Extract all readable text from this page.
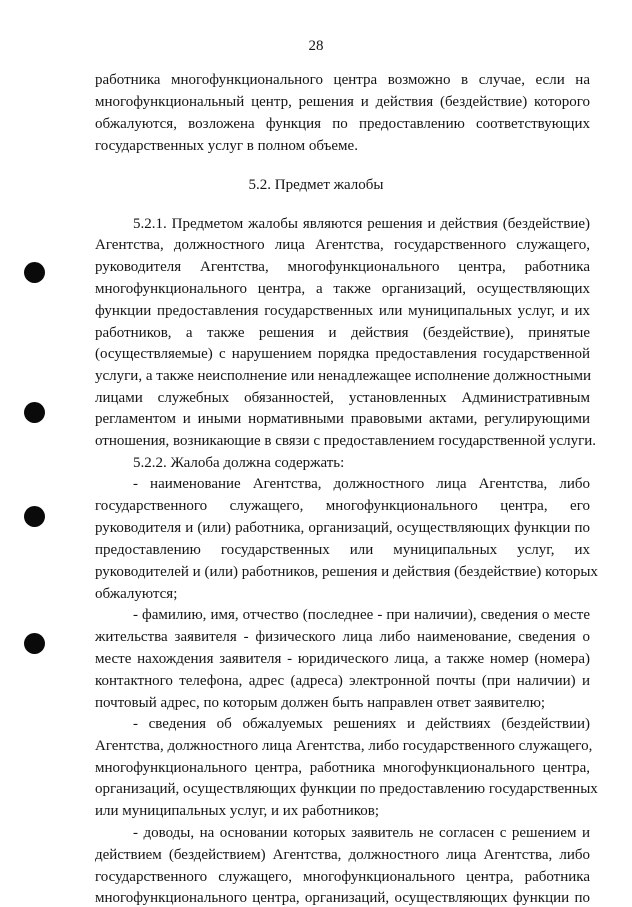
28
работника многофункционального центра возможно в случае, если на
многофункциональный центр, решения и действия (бездействие) которого
обжалуются, возложена функция по предоставлению соответствующих
государственных услуг в полном объеме.
5.2. Предмет жалобы
5.2.1. Предметом жалобы являются решения и действия (бездействие)
Агентства, должностного лица Агентства, государственного служащего,
руководителя Агентства, многофункционального центра, работника
многофункционального центра, а также организаций, осуществляющих
функции предоставления государственных или муниципальных услуг, и их
работников, а также решения и действия (бездействие), принятые
(осуществляемые) с нарушением порядка предоставления государственной
услуги, а также неисполнение или ненадлежащее исполнение должностными
лицами служебных обязанностей, установленных Административным
регламентом и иными нормативными правовыми актами, регулирующими
отношения, возникающие в связи с предоставлением государственной услуги.
5.2.2. Жалоба должна содержать:
- наименование Агентства, должностного лица Агентства, либо
государственного служащего, многофункционального центра, его
руководителя и (или) работника, организаций, осуществляющих функции по
предоставлению государственных или муниципальных услуг, их
руководителей и (или) работников, решения и действия (бездействие) которых
обжалуются;
- фамилию, имя, отчество (последнее - при наличии), сведения о месте
жительства заявителя - физического лица либо наименование, сведения о
месте нахождения заявителя - юридического лица, а также номер (номера)
контактного телефона, адрес (адреса) электронной почты (при наличии) и
почтовый адрес, по которым должен быть направлен ответ заявителю;
- сведения об обжалуемых решениях и действиях (бездействии)
Агентства, должностного лица Агентства, либо государственного служащего,
многофункционального центра, работника многофункционального центра,
организаций, осуществляющих функции по предоставлению государственных
или муниципальных услуг, и их работников;
- доводы, на основании которых заявитель не согласен с решением и
действием (бездействием) Агентства, должностного лица Агентства, либо
государственного служащего, многофункционального центра, работника
многофункционального центра, организаций, осуществляющих функции по
